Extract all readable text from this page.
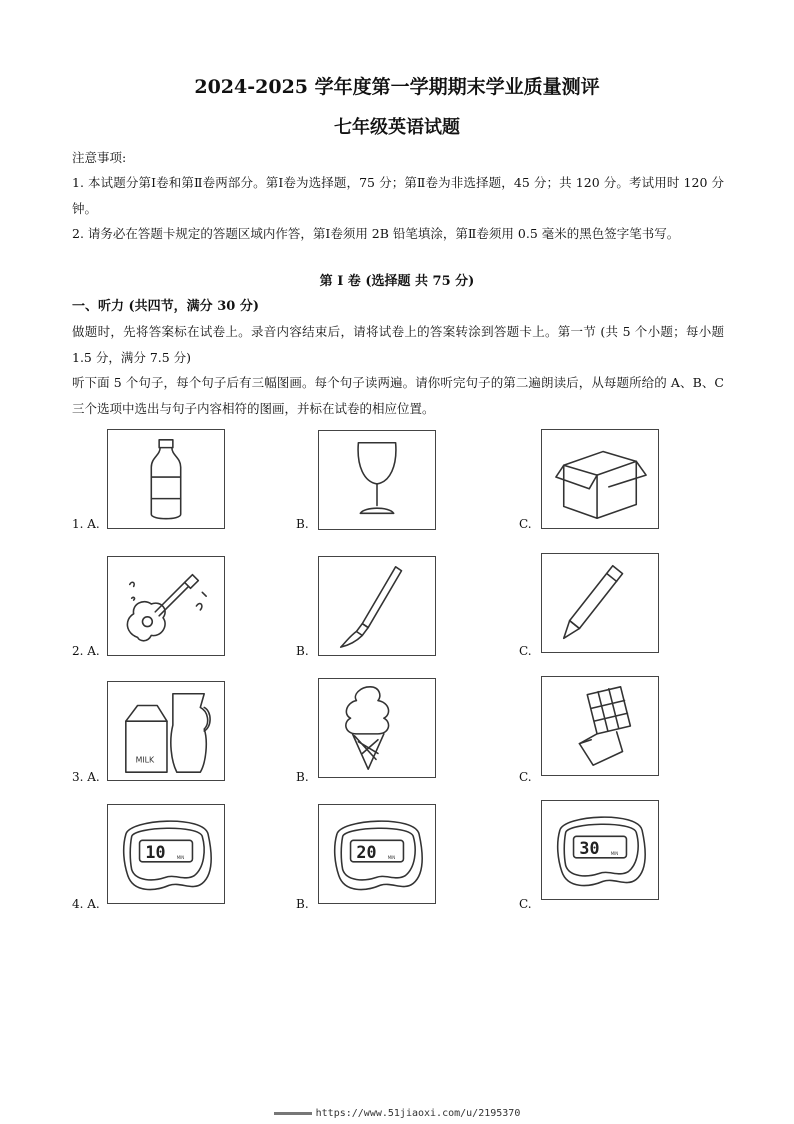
2024-2025 学年度第一学期期末学业质量测评
七年级英语试题
注意事项:
1. 本试题分第Ⅰ卷和第Ⅱ卷两部分。第Ⅰ卷为选择题，75 分；第Ⅱ卷为非选择题，45 分；共 120 分。考试用时 120 分钟。
2. 请务必在答题卡规定的答题区域内作答，第Ⅰ卷须用 2B 铅笔填涂，第Ⅱ卷须用 0.5 毫米的黑色签字笔书写。
第 I 卷 (选择题 共 75 分)
一、听力 (共四节，满分 30 分)
做题时，先将答案标在试卷上。录音内容结束后，请将试卷上的答案转涂到答题卡上。第一节 (共 5 个小题；每小题 1.5 分，满分 7.5 分)
听下面 5 个句子，每个句子后有三幅图画。每个句子读两遍。请你听完句子的第二遍朗读后，从每题所给的 A、B、C 三个选项中选出与句子内容相符的图画，并标在试卷的相应位置。
1. A.	B.	C.
2. A.	B.	C.
3. A.
MILK
B.	C.
4. A.
10	MIN
B.
20	MIN
C.
30	MIN
https://www.51jiaoxi.com/u/2195370
